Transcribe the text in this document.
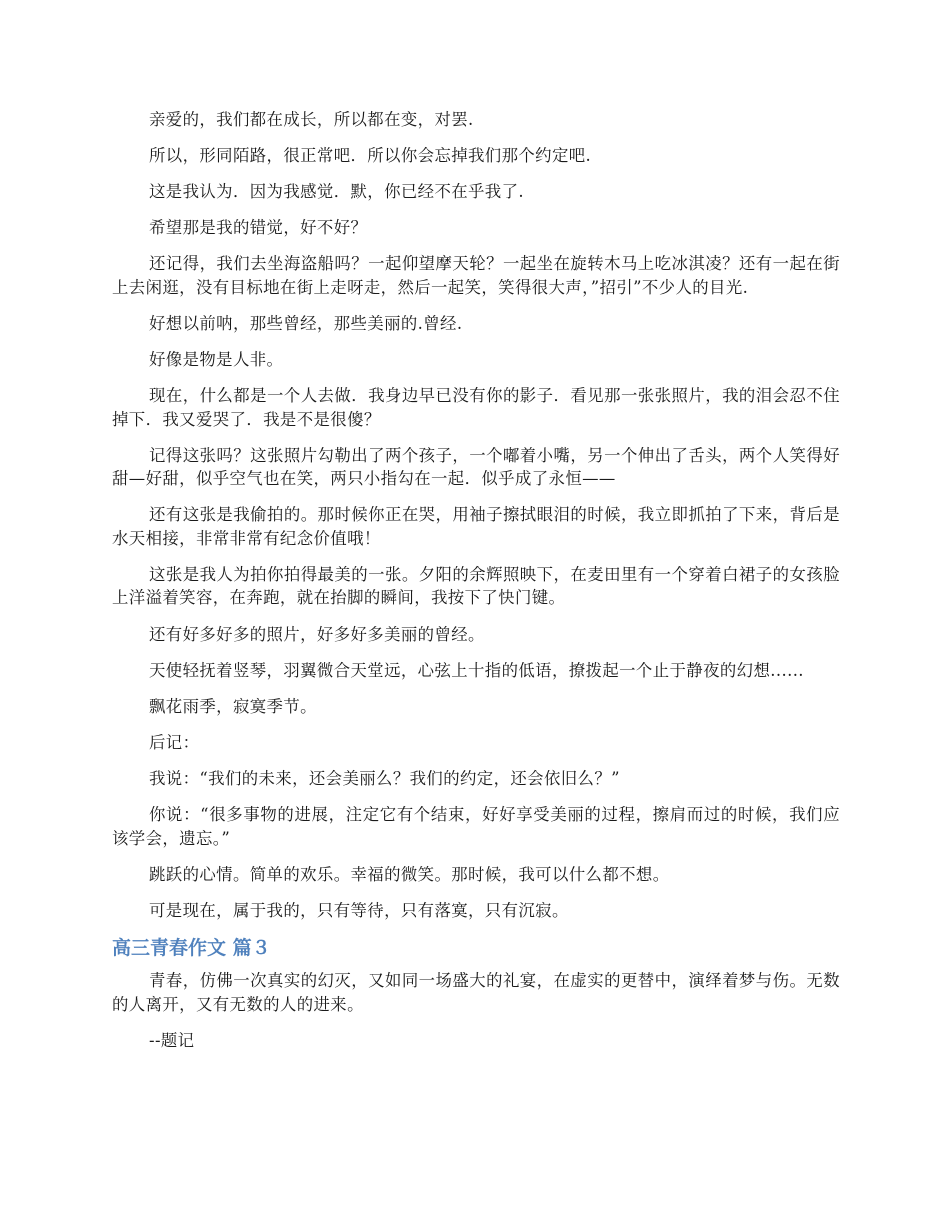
亲爱的，我们都在成长，所以都在变，对罢.

所以，形同陌路，很正常吧．所以你会忘掉我们那个约定吧.

这是我认为．因为我感觉．默，你已经不在乎我了.

希望那是我的错觉，好不好？

还记得，我们去坐海盗船吗？一起仰望摩天轮？一起坐在旋转木马上吃冰淇凌？还有一起在街上去闲逛，没有目标地在街上走呀走，然后一起笑，笑得很大声，”招引”不少人的目光.

好想以前呐，那些曾经，那些美丽的.曾经.

好像是物是人非。

现在，什么都是一个人去做．我身边早已没有你的影子．看见那一张张照片，我的泪会忍不住掉下．我又爱哭了．我是不是很傻？

记得这张吗？这张照片勾勒出了两个孩子，一个嘟着小嘴，另一个伸出了舌头，两个人笑得好甜—好甜，似乎空气也在笑，两只小指勾在一起．似乎成了永恒——

还有这张是我偷拍的。那时候你正在哭，用袖子擦拭眼泪的时候，我立即抓拍了下来，背后是水天相接，非常非常有纪念价值哦！

这张是我人为拍你拍得最美的一张。夕阳的余辉照映下，在麦田里有一个穿着白裙子的女孩脸上洋溢着笑容，在奔跑，就在抬脚的瞬间，我按下了快门键。

还有好多好多的照片，好多好多美丽的曾经。

天使轻抚着竖琴，羽翼微合天堂远，心弦上十指的低语，撩拨起一个止于静夜的幻想......

飘花雨季，寂寞季节。

后记：

我说：“我们的未来，还会美丽么？我们的约定，还会依旧么？”

你说：“很多事物的进展，注定它有个结束，好好享受美丽的过程，擦肩而过的时候，我们应该学会，遗忘。”

跳跃的心情。简单的欢乐。幸福的微笑。那时候，我可以什么都不想。

可是现在，属于我的，只有等待，只有落寞，只有沉寂。

高三青春作文 篇３

青春，仿佛一次真实的幻灭，又如同一场盛大的礼宴，在虚实的更替中，演绎着梦与伤。无数的人离开，又有无数的人的进来。

--题记
